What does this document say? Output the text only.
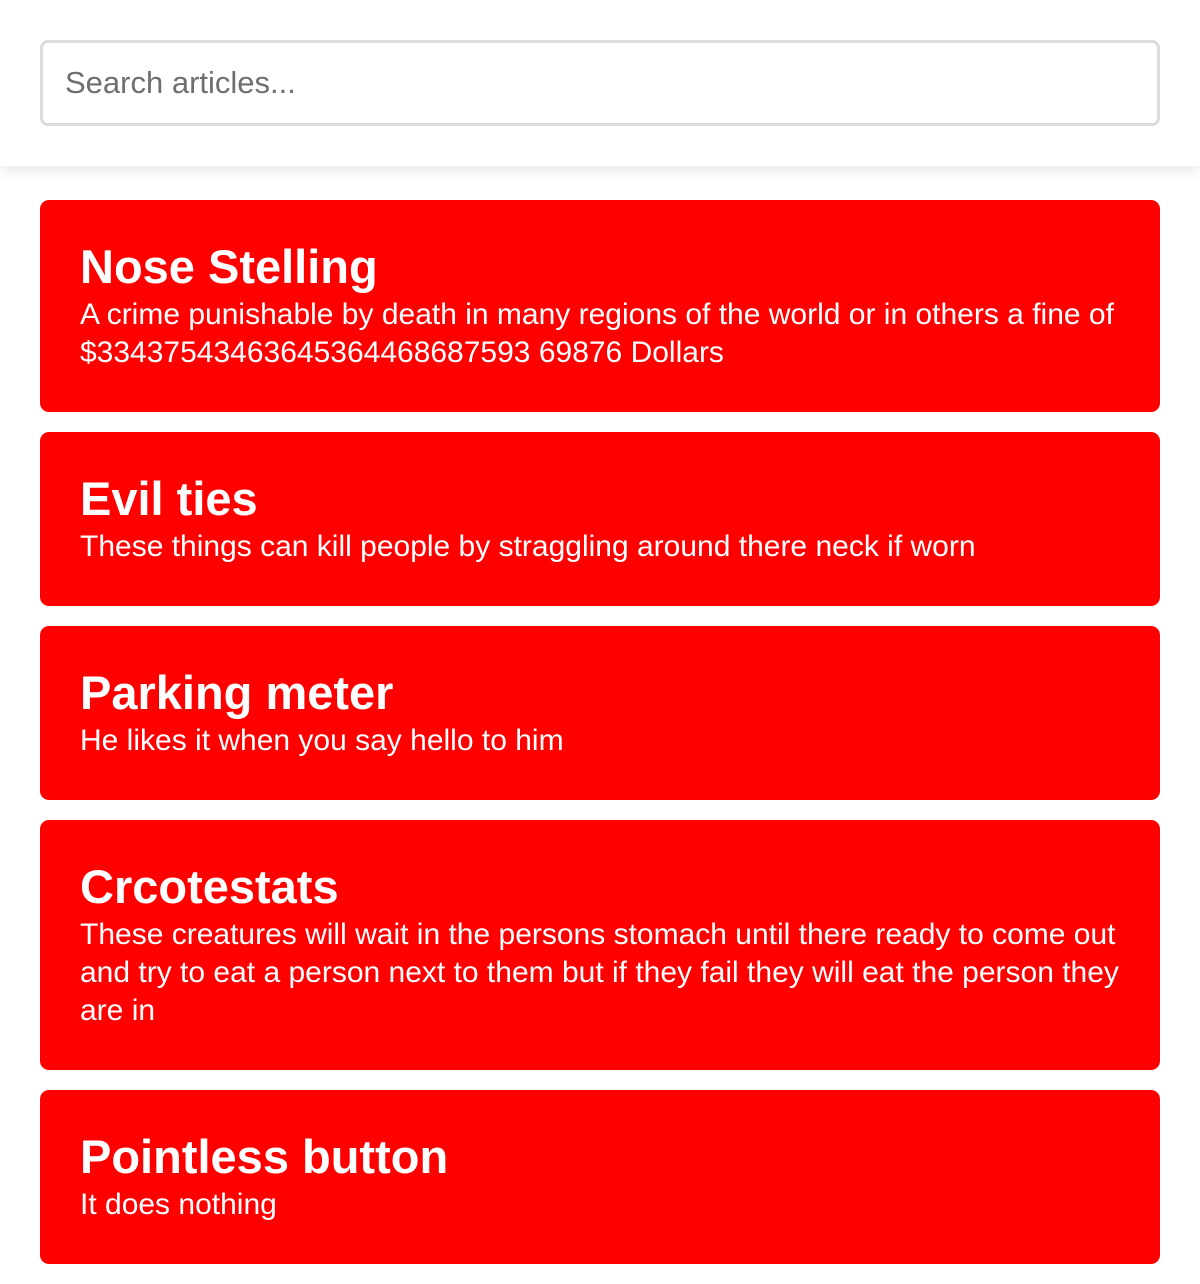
Search articles...
Nose Stelling

A crime punishable by death in many regions of the world or in others a fine of $33437543463645364468687593 69876 Dollars

Evil ties

These things can kill people by straggling around there neck if worn

Parking meter

He likes it when you say hello to him

Crcotestats

These creatures will wait in the persons stomach until there ready to come out and try to eat a person next to them but if they fail they will eat the person they are in

Pointless button

It does nothing
